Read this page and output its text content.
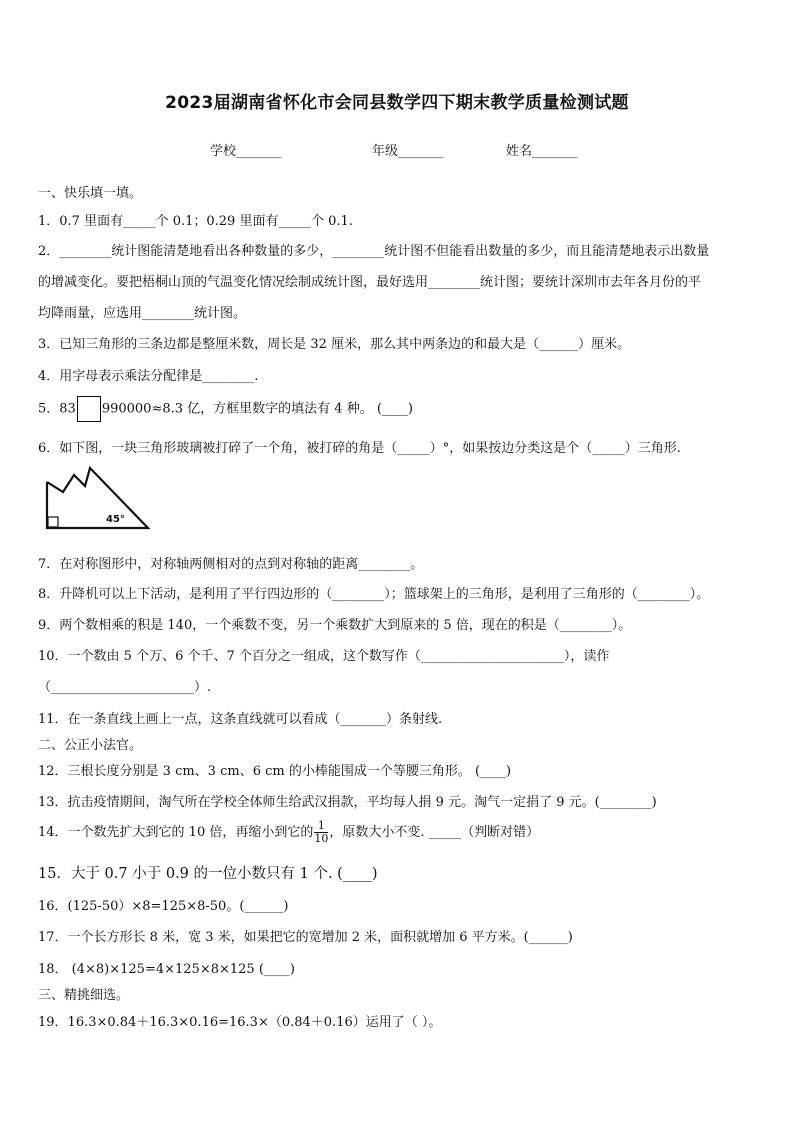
2023届湖南省怀化市会同县数学四下期末教学质量检测试题
学校_______	年级_______	姓名_______
一、快乐填一填。
1．0.7 里面有_____个 0.1；0.29 里面有_____个 0.1.
2．________统计图能清楚地看出各种数量的多少，________统计图不但能看出数量的多少，而且能清楚地表示出数量
的增减变化。要把梧桐山顶的气温变化情况绘制成统计图，最好选用________统计图；要统计深圳市去年各月份的平
均降雨量，应选用________统计图。
3．已知三角形的三条边都是整厘米数，周长是 32 厘米，那么其中两条边的和最大是（______）厘米。
4．用字母表示乘法分配律是________.
5．83 990000≈8.3 亿，方框里数字的填法有 4 种。 (____)
6．如下图，一块三角形玻璃被打碎了一个角，被打碎的角是（_____）°，如果按边分类这是个（_____）三角形.
45°
7．在对称图形中，对称轴两侧相对的点到对称轴的距离________。
8．升降机可以上下活动，是利用了平行四边形的（________）；篮球架上的三角形，是利用了三角形的（________）。
9．两个数相乘的积是 140，一个乘数不变，另一个乘数扩大到原来的 5 倍，现在的积是（________）。
10．一个数由 5 个万、6 个千、7 个百分之一组成，这个数写作（______________________），读作
（______________________）.
11．在一条直线上画上一点，这条直线就可以看成（_______）条射线.
二、公正小法官。
12．三根长度分别是 3 cm、3 cm、6 cm 的小棒能围成一个等腰三角形。 (____)
13．抗击疫情期间，淘气所在学校全体师生给武汉捐款，平均每人捐 9 元。淘气一定捐了 9 元。(________)
14．一个数先扩大到它的 10 倍，再缩小到它的 $\frac{1}{10}$ ，原数大小不变. _____（判断对错）
15．大于 0.7 小于 0.9 的一位小数只有 1 个. (____)
16．(125-50）×8=125×8-50。(______)
17．一个长方形长 8 米，宽 3 米，如果把它的宽增加 2 米，面积就增加 6 平方米。(______)
18． (4×8)×125=4×125×8×125 (____)
三、精挑细选。
19．16.3×0.84＋16.3×0.16=16.3×（0.84＋0.16）运用了（ ）。
